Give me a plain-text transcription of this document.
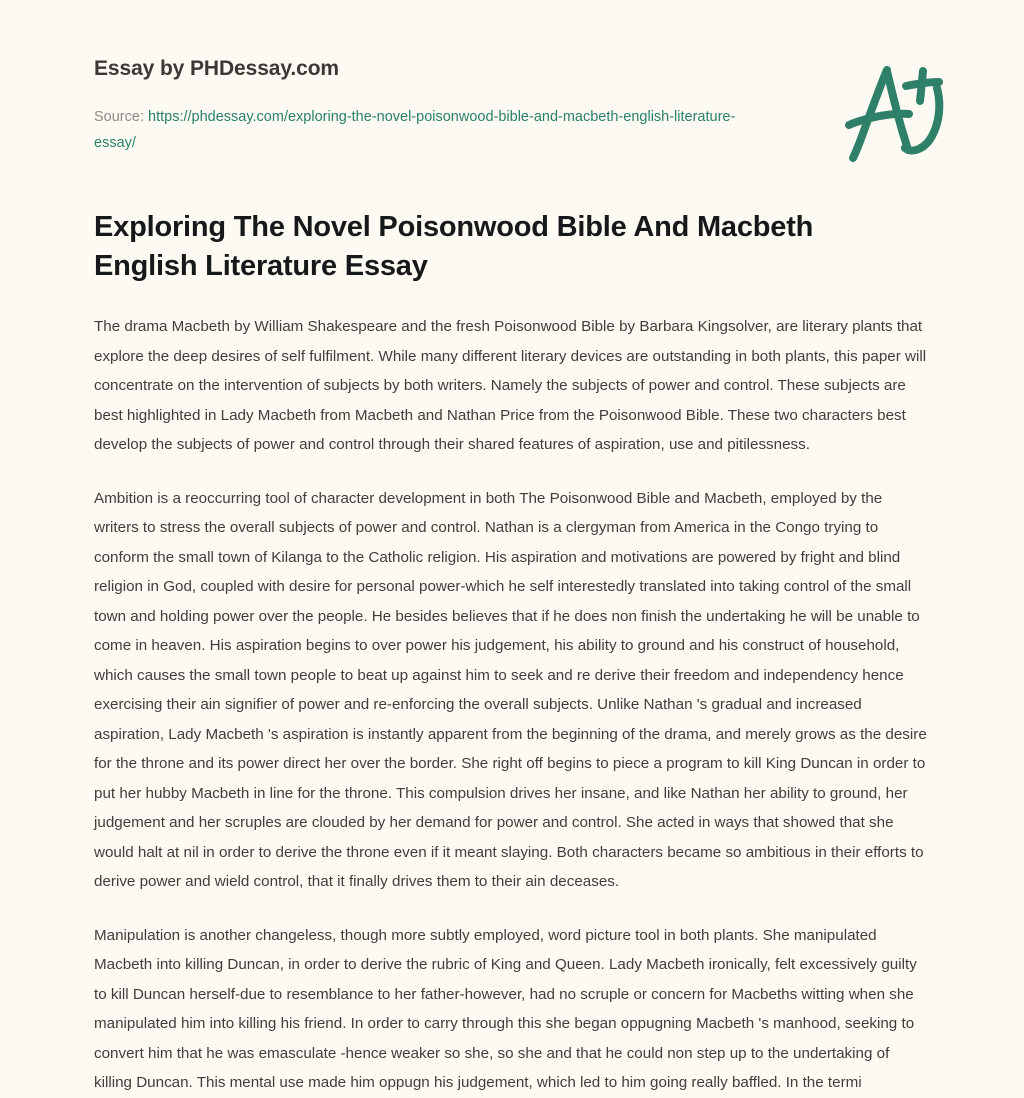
Essay by PHDessay.com
Source: https://phdessay.com/exploring-the-novel-poisonwood-bible-and-macbeth-english-literature-essay/
Exploring The Novel Poisonwood Bible And Macbeth English Literature Essay

The drama Macbeth by William Shakespeare and the fresh Poisonwood Bible by Barbara Kingsolver, are literary plants that explore the deep desires of self fulfilment. While many different literary devices are outstanding in both plants, this paper will concentrate on the intervention of subjects by both writers. Namely the subjects of power and control. These subjects are best highlighted in Lady Macbeth from Macbeth and Nathan Price from the Poisonwood Bible. These two characters best develop the subjects of power and control through their shared features of aspiration, use and pitilessness.

Ambition is a reoccurring tool of character development in both The Poisonwood Bible and Macbeth, employed by the writers to stress the overall subjects of power and control. Nathan is a clergyman from America in the Congo trying to conform the small town of Kilanga to the Catholic religion. His aspiration and motivations are powered by fright and blind religion in God, coupled with desire for personal power-which he self interestedly translated into taking control of the small town and holding power over the people. He besides believes that if he does non finish the undertaking he will be unable to come in heaven. His aspiration begins to over power his judgement, his ability to ground and his construct of household, which causes the small town people to beat up against him to seek and re derive their freedom and independency hence exercising their ain signifier of power and re-enforcing the overall subjects. Unlike Nathan 's gradual and increased aspiration, Lady Macbeth 's aspiration is instantly apparent from the beginning of the drama, and merely grows as the desire for the throne and its power direct her over the border. She right off begins to piece a program to kill King Duncan in order to put her hubby Macbeth in line for the throne. This compulsion drives her insane, and like Nathan her ability to ground, her judgement and her scruples are clouded by her demand for power and control. She acted in ways that showed that she would halt at nil in order to derive the throne even if it meant slaying. Both characters became so ambitious in their efforts to derive power and wield control, that it finally drives them to their ain deceases.

Manipulation is another changeless, though more subtly employed, word picture tool in both plants. She manipulated Macbeth into killing Duncan, in order to derive the rubric of King and Queen. Lady Macbeth ironically, felt excessively guilty to kill Duncan herself-due to resemblance to her father-however, had no scruple or concern for Macbeths witting when she manipulated him into killing his friend. In order to carry through this she began oppugning Macbeth 's manhood, seeking to convert him that he was emasculate -hence weaker so she, so she and that he could non step up to the undertaking of killing Duncan. This mental use made him oppugn his judgement, which led to him going really baffled. In the termi
